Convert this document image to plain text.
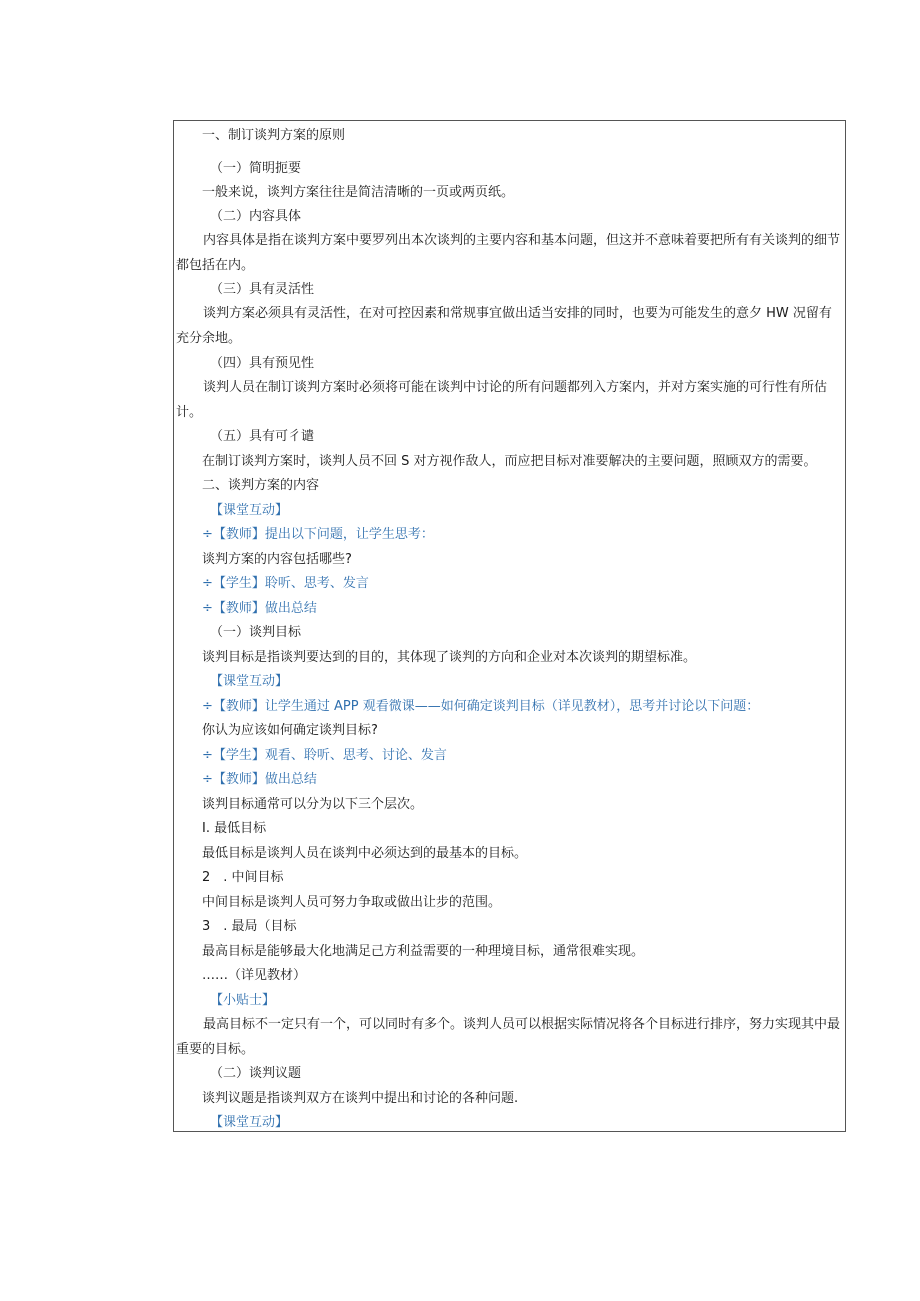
一、制订谈判方案的原则
（一）简明扼要
一般来说，谈判方案往往是简洁清晰的一页或两页纸。
（二）内容具体
内容具体是指在谈判方案中要罗列出本次谈判的主要内容和基本问题，但这并不意味着要把所有有关谈判的细节都包括在内。
（三）具有灵活性
谈判方案必须具有灵活性，在对可控因素和常规事宜做出适当安排的同时，也要为可能发生的意夕 HW 况留有充分余地。
（四）具有预见性
谈判人员在制订谈判方案时必须将可能在谈判中讨论的所有问题都列入方案内，并对方案实施的可行性有所估计。
（五）具有可彳谴
在制订谈判方案时，谈判人员不回 S 对方视作敌人，而应把目标对准要解决的主要问题，照顾双方的需要。
二、谈判方案的内容
【课堂互动】
÷【教师】提出以下问题，让学生思考：
谈判方案的内容包括哪些?
÷【学生】聆听、思考、发言
÷【教师】做出总结
（一）谈判目标
谈判目标是指谈判要达到的目的，其体现了谈判的方向和企业对本次谈判的期望标准。
【课堂互动】
÷【教师】让学生通过 APP 观看微课——如何确定谈判目标（详见教材），思考并讨论以下问题：
你认为应该如何确定谈判目标?
÷【学生】观看、聆听、思考、讨论、发言
÷【教师】做出总结
谈判目标通常可以分为以下三个层次。
I. 最低目标
最低目标是谈判人员在谈判中必须达到的最基本的目标。
2　. 中间目标
中间目标是谈判人员可努力争取或做出让步的范围。
3　. 最局（目标
最高目标是能够最大化地满足己方利益需要的一种理境目标，通常很难实现。
……（详见教材）
【小贴士】
最高目标不一定只有一个，可以同时有多个。谈判人员可以根据实际情况将各个目标进行排序，努力实现其中最重要的目标。
（二）谈判议题
谈判议题是指谈判双方在谈判中提出和讨论的各种问题.
【课堂互动】
